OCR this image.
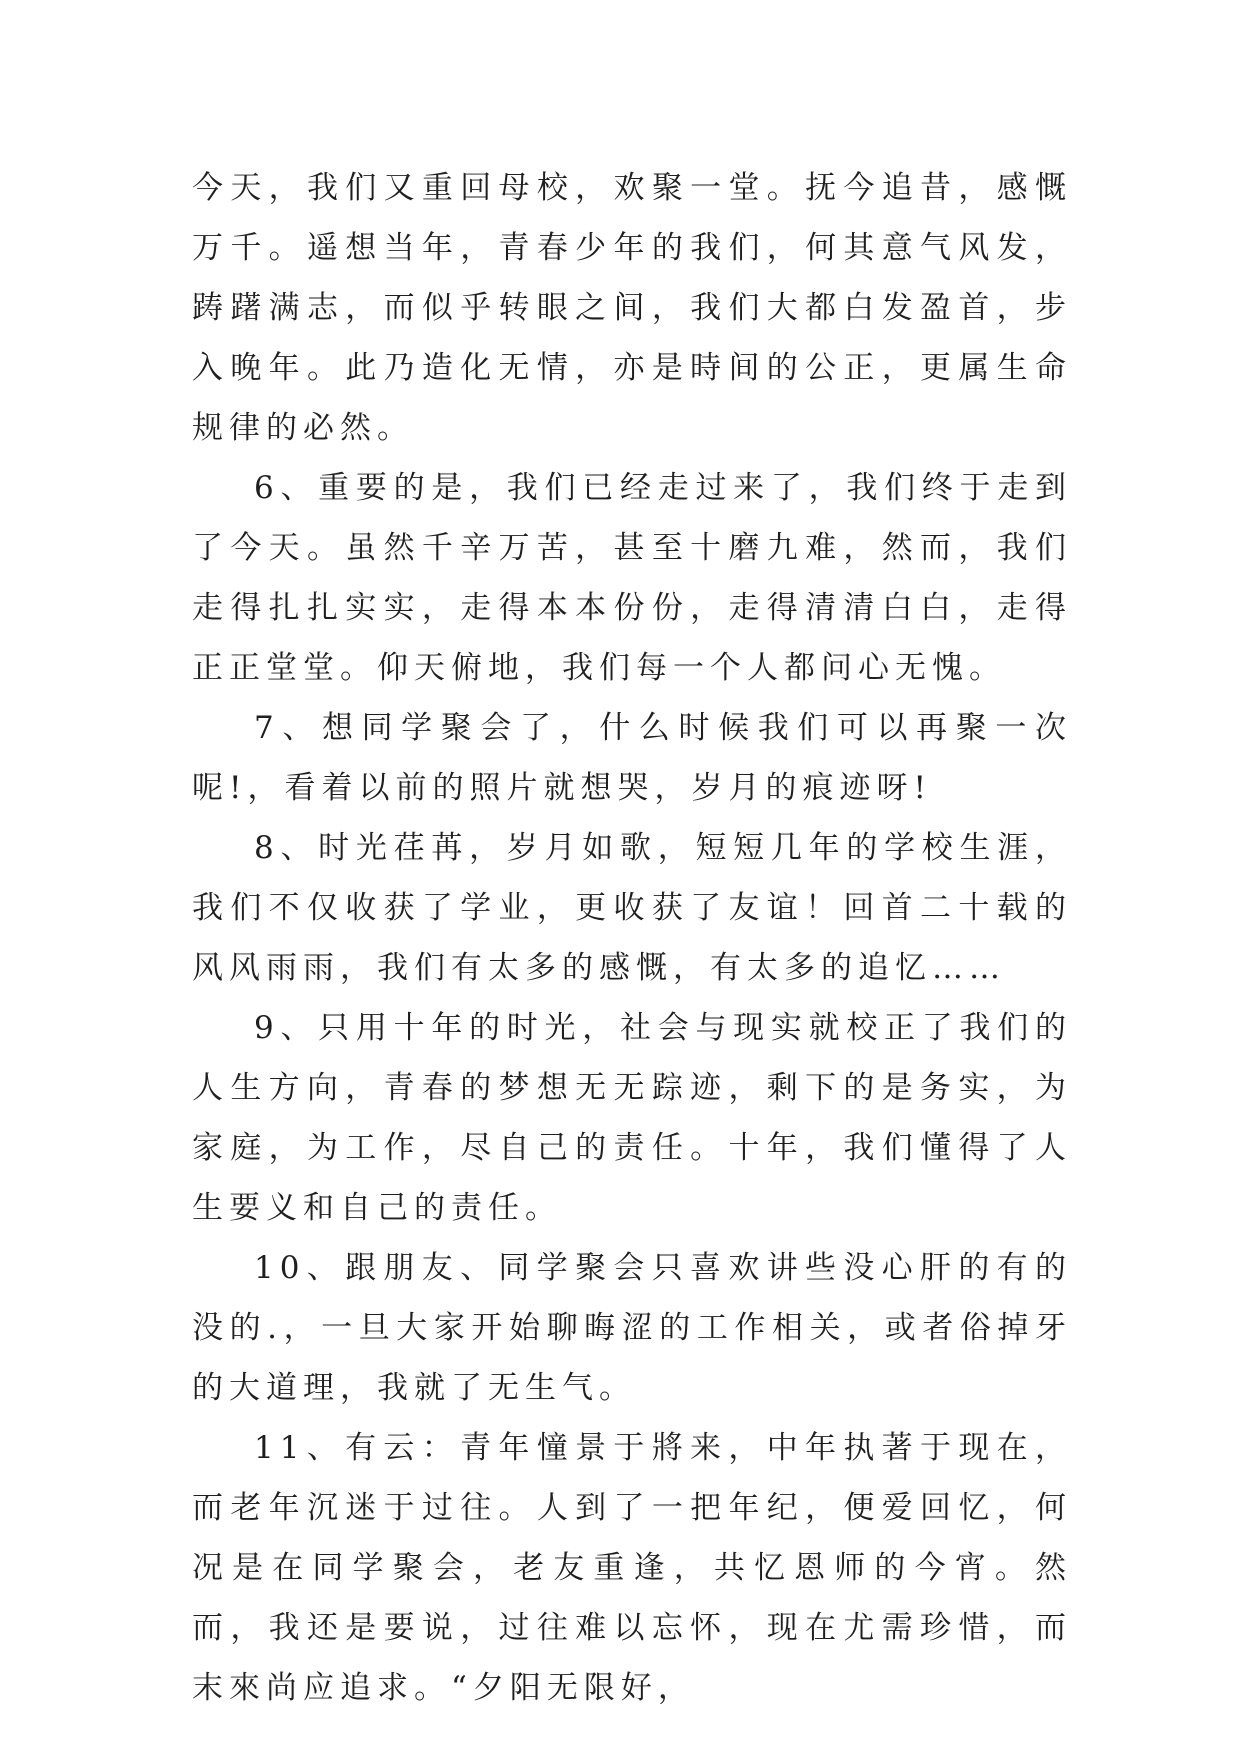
今天，我们又重回母校，欢聚一堂。抚今追昔，感慨万千。遥想当年，青春少年的我们，何其意气风发，踌躇满志，而似乎转眼之间，我们大都白发盈首，步入晚年。此乃造化无情，亦是時间的公正，更属生命规律的必然。

6、重要的是，我们已经走过来了，我们终于走到了今天。虽然千辛万苦，甚至十磨九难，然而，我们走得扎扎实实，走得本本份份，走得清清白白，走得正正堂堂。仰天俯地，我们每一个人都问心无愧。

7、想同学聚会了，什么时候我们可以再聚一次呢!，看着以前的照片就想哭，岁月的痕迹呀!

8、时光荏苒，岁月如歌，短短几年的学校生涯，我们不仅收获了学业，更收获了友谊！回首二十载的风风雨雨，我们有太多的感慨，有太多的追忆……

9、只用十年的时光，社会与现实就校正了我们的人生方向，青春的梦想无无踪迹，剩下的是务实，为家庭，为工作，尽自己的责任。十年，我们懂得了人生要义和自己的责任。

10、跟朋友、同学聚会只喜欢讲些没心肝的有的没的.，一旦大家开始聊晦涩的工作相关，或者俗掉牙的大道理，我就了无生气。

11、有云：青年憧景于將来，中年执著于现在，而老年沉迷于过往。人到了一把年纪，便爱回忆，何况是在同学聚会，老友重逢，共忆恩师的今宵。然而，我还是要说，过往难以忘怀，现在尤需珍惜，而末來尚应追求。“夕阳无限好，
